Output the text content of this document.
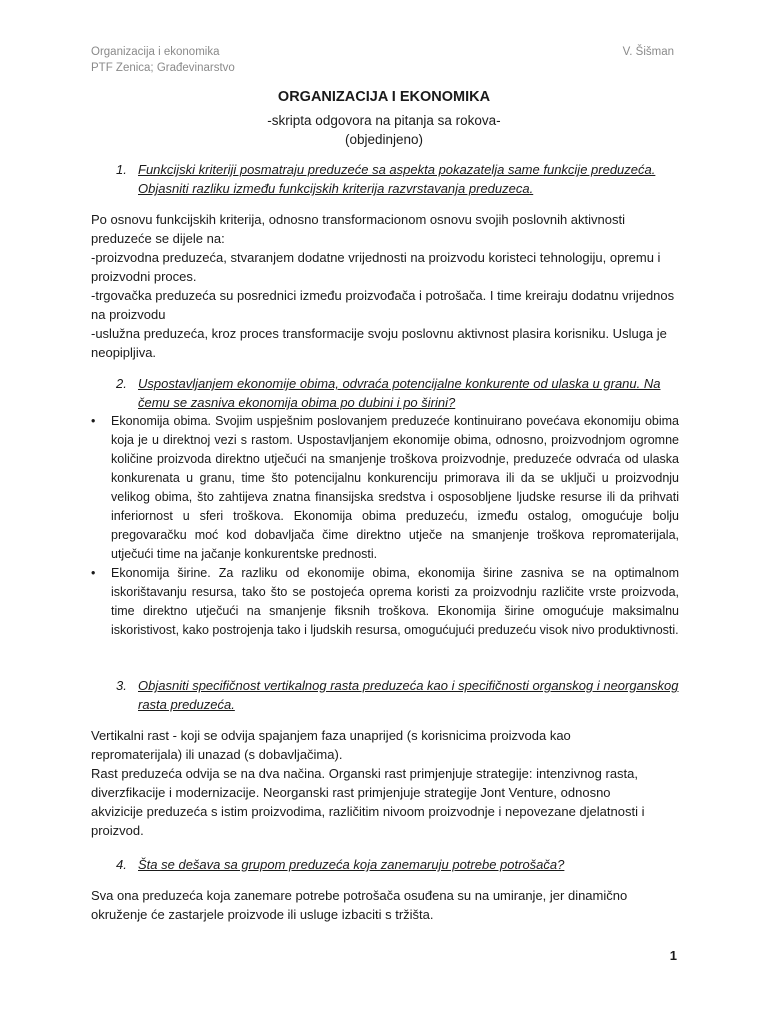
Organizacija i ekonomika
PTF Zenica; Građevinarstvo
V. Šišman
ORGANIZACIJA I EKONOMIKA
-skripta odgovora na pitanja sa rokova-
(objedinjeno)
1. Funkcijski kriteriji posmatraju preduzeće sa aspekta pokazatelja same funkcije preduzeća. Objasniti razliku između funkcijskih kriterija razvrstavanja preduzeca.
Po osnovu funkcijskih kriterija, odnosno transformacionom osnovu svojih poslovnih aktivnosti
preduzeće se dijele na:
-proizvodna preduzeća, stvaranjem dodatne vrijednosti na proizvodu koristeci tehnologiju, opremu i
proizvodni proces.
-trgovačka preduzeća su posrednici između proizvođača i potrošača. I time kreiraju dodatnu vrijednos
na proizvodu
-uslužna preduzeća, kroz proces transformacije svoju poslovnu aktivnost plasira korisniku. Usluga je
neopipljiva.
2. Uspostavljanjem ekonomije obima, odvraća potencijalne konkurente od ulaska u granu. Na čemu se zasniva ekonomija obima po dubini i po širini?
• Ekonomija obima. Svojim uspješnim poslovanjem preduzeće kontinuirano povećava ekonomiju obima koja je u direktnoj vezi s rastom. Uspostavljanjem ekonomije obima, odnosno, proizvodnjom ogromne količine proizvoda direktno utječući na smanjenje troškova proizvodnje, preduzeće odvraća od ulaska konkurenata u granu, time što potencijalnu konkurenciju primorava ili da se uključi u proizvodnju velikog obima, što zahtijeva znatna finansijska sredstva i osposobljene ljudske resurse ili da prihvati inferiornost u sferi troškova. Ekonomija obima preduzeću, između ostalog, omogućuje bolju pregovaračku moć kod dobavljača čime direktno utječe na smanjenje troškova repromaterijala, utječući time na jačanje konkurentske prednosti.
• Ekonomija širine. Za razliku od ekonomije obima, ekonomija širine zasniva se na optimalnom iskorištavanju resursa, tako što se postojeća oprema koristi za proizvodnju različite vrste proizvoda, time direktno utječući na smanjenje fiksnih troškova. Ekonomija širine omogućuje maksimalnu iskoristivost, kako postrojenja tako i ljudskih resursa, omogućujući preduzeću visok nivo produktivnosti.
3. Objasniti specifičnost vertikalnog rasta preduzeća kao i specifičnosti organskog i neorganskog rasta preduzeća.
Vertikalni rast - koji se odvija spajanjem faza unaprijed (s korisnicima proizvoda kao
repromaterijala) ili unazad (s dobavljačima).
Rast preduzeća odvija se na dva načina. Organski rast primjenjuje strategije: intenzivnog rasta,
diverzfikacije i modernizacije. Neorganski rast primjenjuje strategije Jont Venture, odnosno
akvizicije preduzeća s istim proizvodima, različitim nivoom proizvodnje i nepovezane djelatnosti i
proizvod.
4. Šta se dešava sa grupom preduzeća koja zanemaruju potrebe potrošača?
Sva ona preduzeća koja zanemare potrebe potrošača osuđena su na umiranje, jer dinamično
okruženje će zastarjele proizvode ili usluge izbaciti s tržišta.
1
